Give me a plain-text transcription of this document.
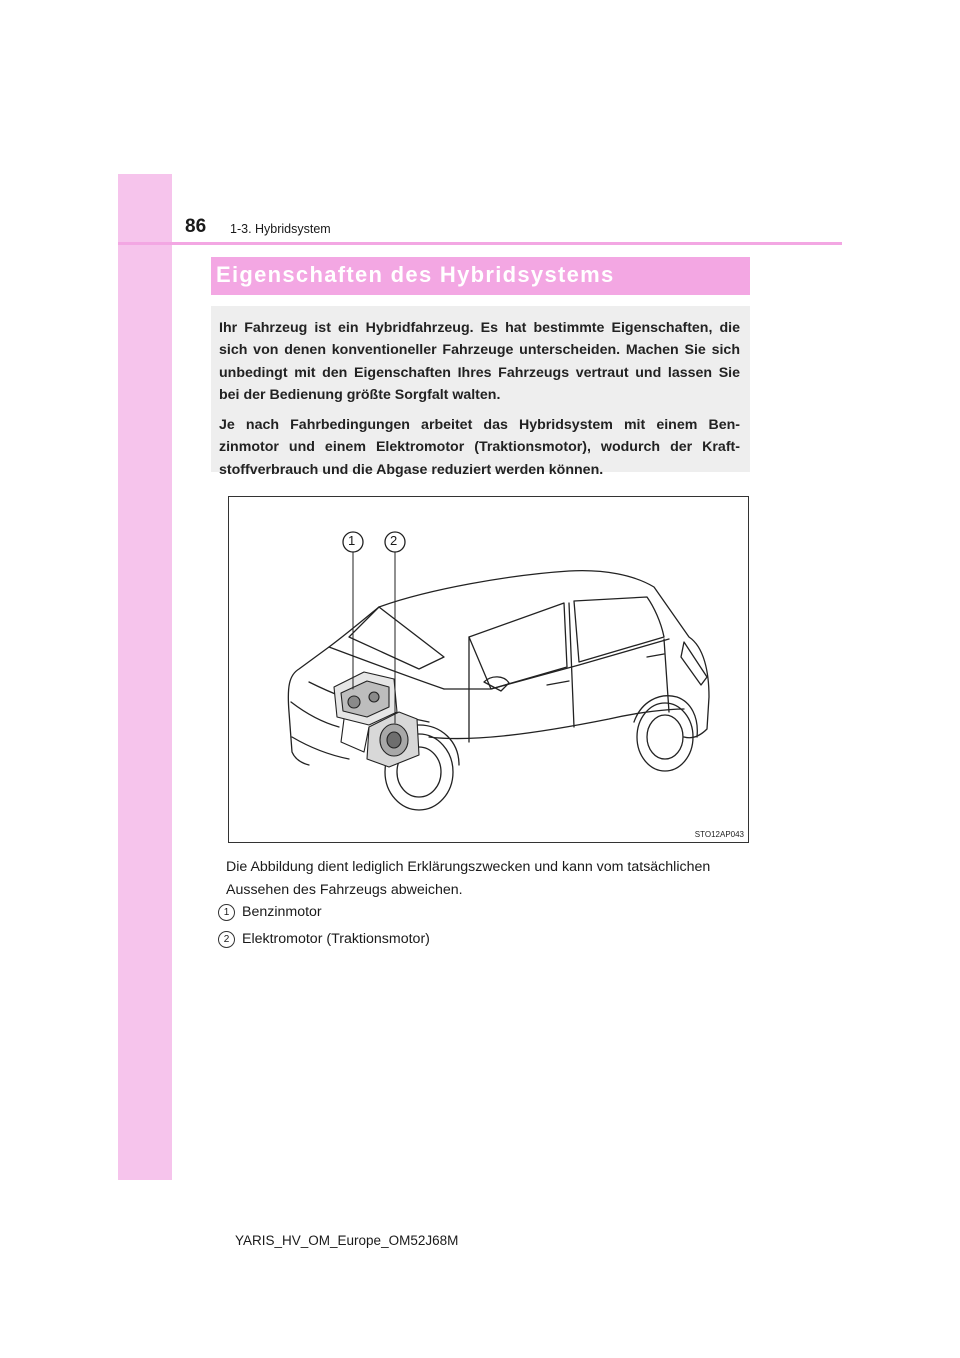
86 1-3. Hybridsystem
Eigenschaften des Hybridsystems

Ihr Fahrzeug ist ein Hybridfahrzeug. Es hat bestimmte Eigenschaften, die sich von denen konventioneller Fahrzeuge unterscheiden. Machen Sie sich unbedingt mit den Eigenschaften Ihres Fahrzeugs vertraut und lassen Sie bei der Bedienung größte Sorgfalt walten.

Je nach Fahrbedingungen arbeitet das Hybridsystem mit einem Ben-zinmotor und einem Elektromotor (Traktionsmotor), wodurch der Kraft-stoffverbrauch und die Abgase reduziert werden können.

1	2
STO12AP043
Die Abbildung dient lediglich Erklärungszwecken und kann vom tatsächlichen Aussehen des Fahrzeugs abweichen.
1 Benzinmotor
2 Elektromotor (Traktionsmotor)
YARIS_HV_OM_Europe_OM52J68M
